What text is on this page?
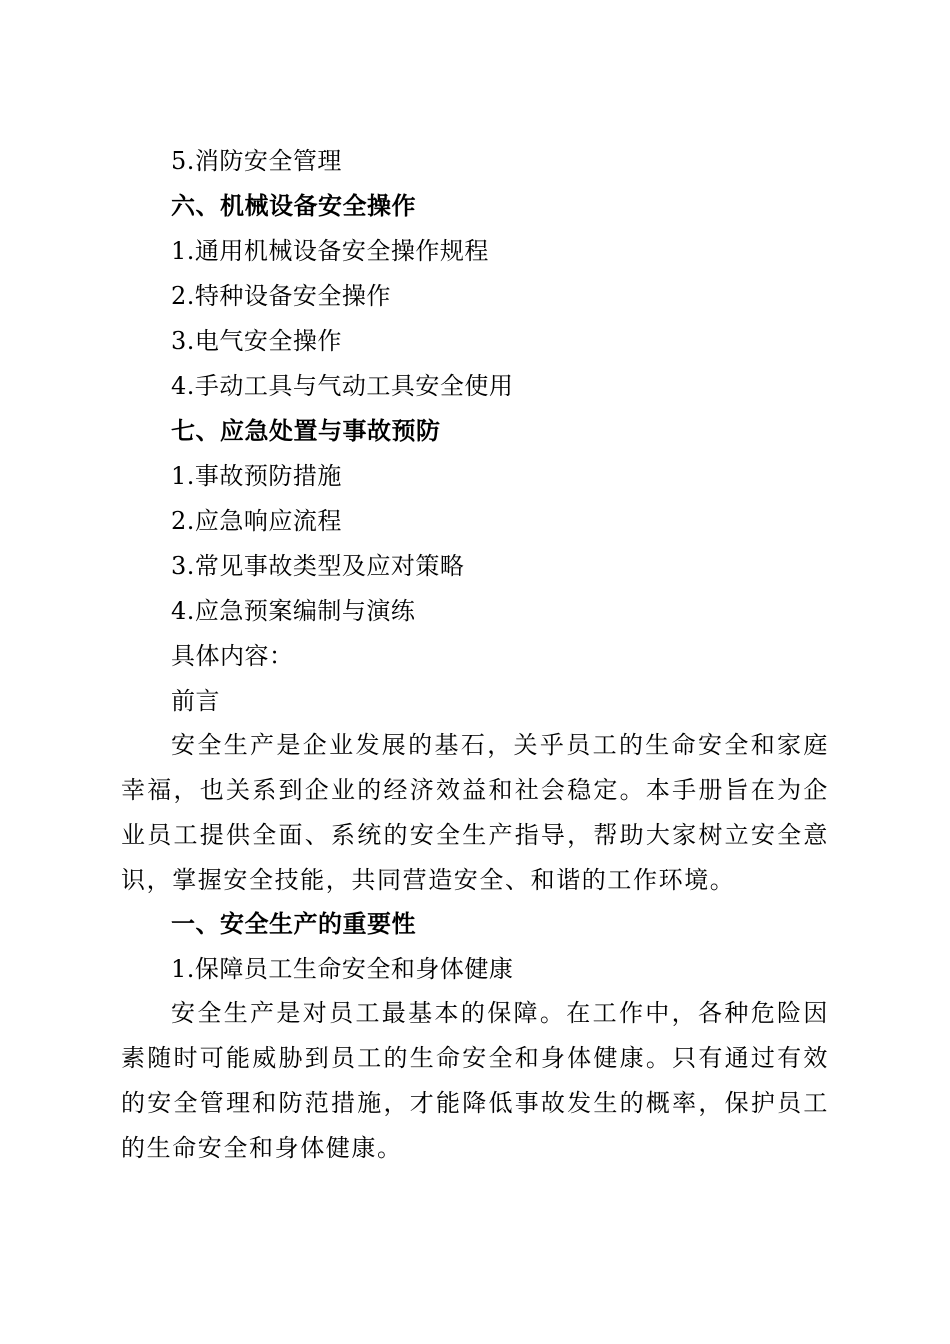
5.消防安全管理
六、机械设备安全操作
1.通用机械设备安全操作规程
2.特种设备安全操作
3.电气安全操作
4.手动工具与气动工具安全使用
七、应急处置与事故预防
1.事故预防措施
2.应急响应流程
3.常见事故类型及应对策略
4.应急预案编制与演练
具体内容：
前言
安全生产是企业发展的基石，关乎员工的生命安全和家庭幸福，也关系到企业的经济效益和社会稳定。本手册旨在为企业员工提供全面、系统的安全生产指导，帮助大家树立安全意识，掌握安全技能，共同营造安全、和谐的工作环境。
一、安全生产的重要性
1.保障员工生命安全和身体健康
安全生产是对员工最基本的保障。在工作中，各种危险因素随时可能威胁到员工的生命安全和身体健康。只有通过有效的安全管理和防范措施，才能降低事故发生的概率，保护员工的生命安全和身体健康。
